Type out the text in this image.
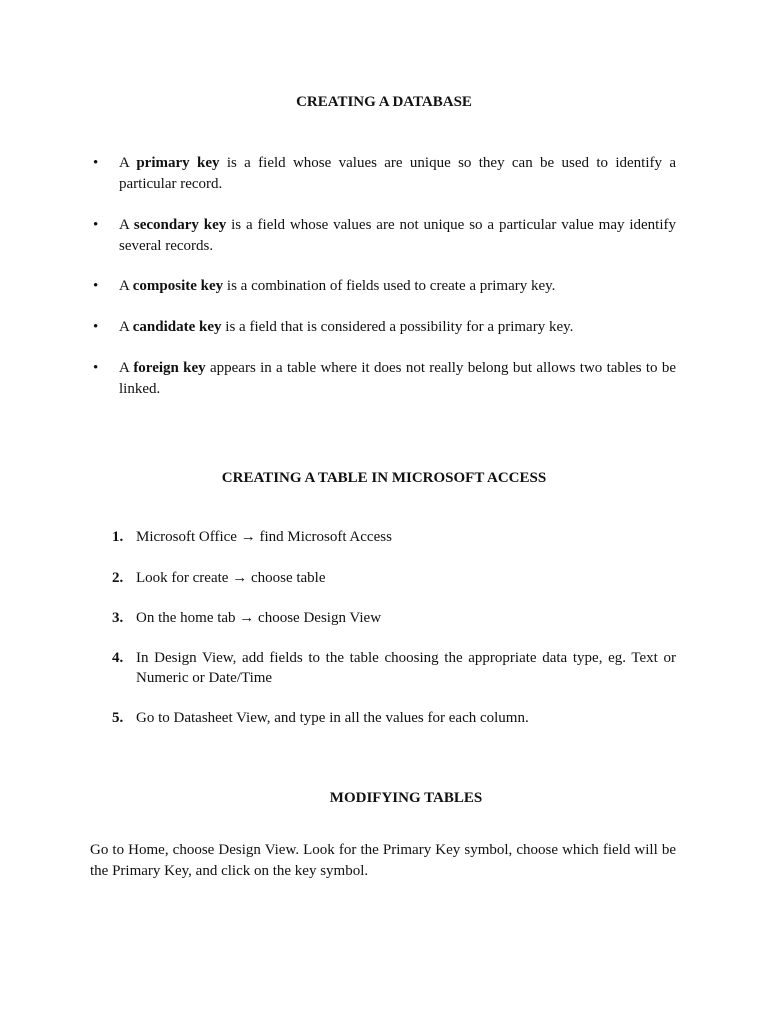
CREATING A DATABASE
• A primary key is a field whose values are unique so they can be used to identify a particular record.

• A secondary key is a field whose values are not unique so a particular value may identify several records.

• A composite key is a combination of fields used to create a primary key.

• A candidate key is a field that is considered a possibility for a primary key.

• A foreign key appears in a table where it does not really belong but allows two tables to be linked.

CREATING A TABLE IN MICROSOFT ACCESS
1. Microsoft Office → find Microsoft Access

2. Look for create → choose table

3. On the home tab → choose Design View

4. In Design View, add fields to the table choosing the appropriate data type, eg. Text or Numeric or Date/Time

5. Go to Datasheet View, and type in all the values for each column.

MODIFYING TABLES

Go to Home, choose Design View. Look for the Primary Key symbol, choose which field will be the Primary Key, and click on the key symbol.
